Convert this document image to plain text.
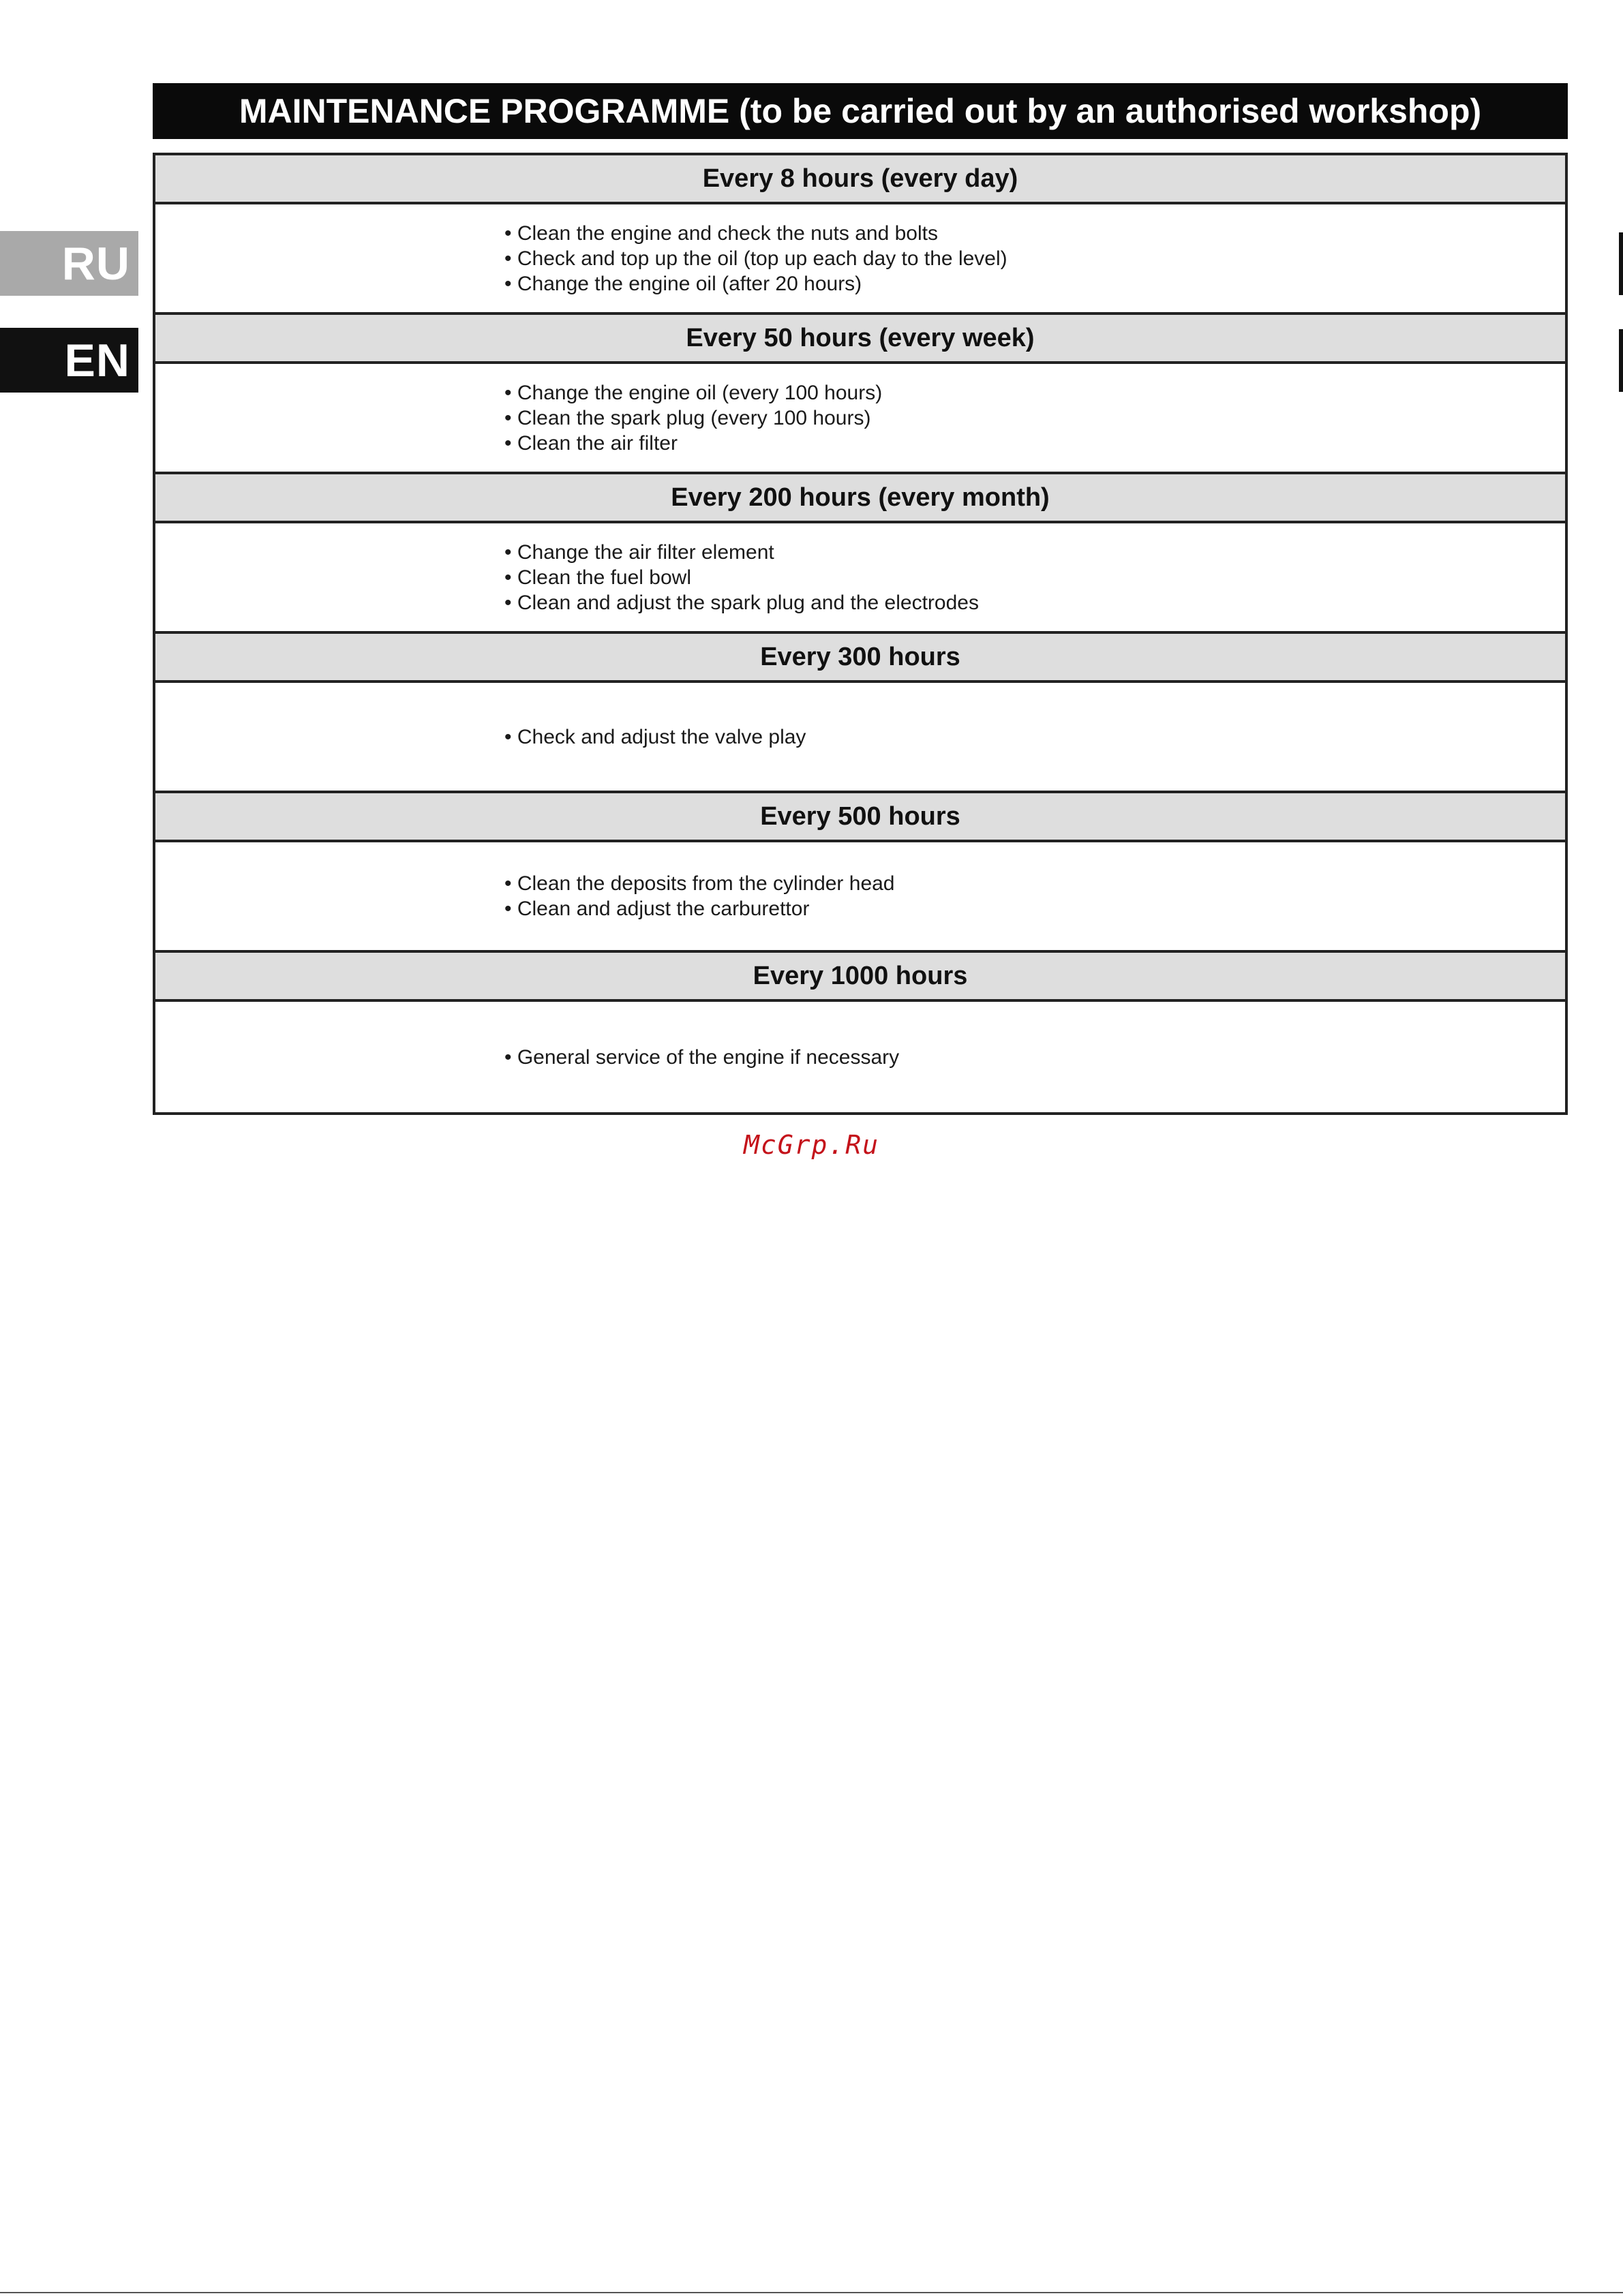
RU
EN
MAINTENANCE PROGRAMME (to be carried out by an authorised workshop)
Every 8 hours (every day)
• Clean the engine and check the nuts and bolts
• Check and top up the oil (top up each day to the level)
• Change the engine oil (after 20 hours)
Every 50 hours (every week)
• Change the engine oil (every 100 hours)
• Clean the spark plug (every 100 hours)
• Clean the air filter
Every 200 hours (every month)
• Change the air filter element
• Clean the fuel bowl
• Clean and adjust the spark plug and the electrodes
Every 300 hours
• Check and adjust the valve play
Every 500 hours
• Clean the deposits from the cylinder head
• Clean and adjust the carburettor
Every 1000 hours
• General service of the engine if necessary
McGrp.Ru
